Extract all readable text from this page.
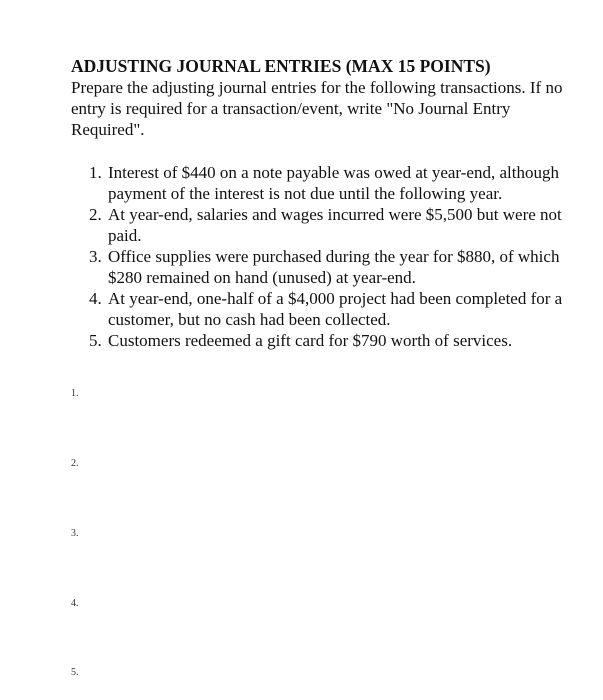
ADJUSTING JOURNAL ENTRIES (MAX 15 POINTS)

Prepare the adjusting journal entries for the following transactions. If no entry is required for a transaction/event, write "No Journal Entry Required".

1. Interest of $440 on a note payable was owed at year-end, although payment of the interest is not due until the following year.
2. At year-end, salaries and wages incurred were $5,500 but were not paid.
3. Office supplies were purchased during the year for $880, of which $280 remained on hand (unused) at year-end.
4. At year-end, one-half of a $4,000 project had been completed for a customer, but no cash had been collected.
5. Customers redeemed a gift card for $790 worth of services.
1.
2.
3.
4.
5.
